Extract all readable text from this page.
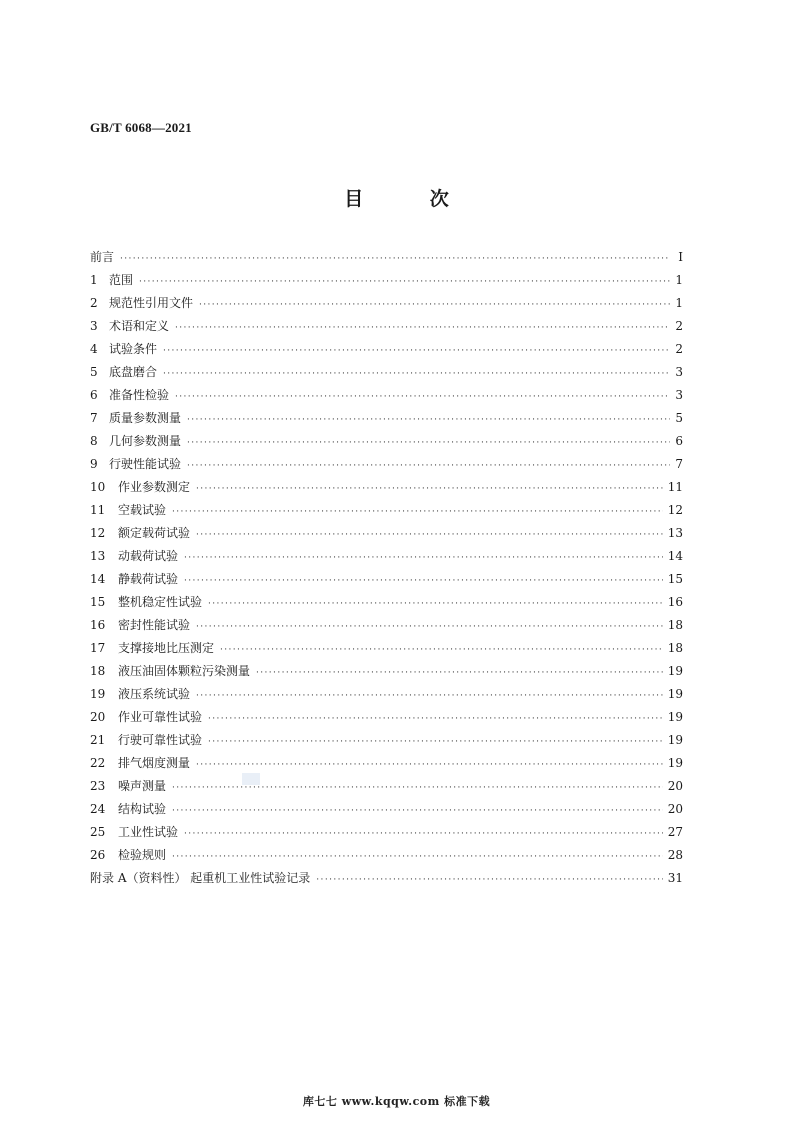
GB/T 6068—2021
目 次
前言 ·····	I
1 范围 ·····	1
2 规范性引用文件 ·····	1
3 术语和定义 ·····	2
4 试验条件 ·····	2
5 底盘磨合 ·····	3
6 准备性检验 ·····	3
7 质量参数测量 ·····	5
8 几何参数测量 ·····	6
9 行驶性能试验 ·····	7
10	作业参数测定 ·····	11
11	空载试验 ·····	12
12	额定载荷试验 ·····	13
13	动载荷试验 ·····	14
14	静载荷试验 ·····	15
15	整机稳定性试验 ·····	16
16	密封性能试验 ·····	18
17	支撑接地比压测定 ·····	18
18	液压油固体颗粒污染测量 ·····	19
19	液压系统试验 ·····	19
20	作业可靠性试验 ·····	19
21	行驶可靠性试验 ·····	19
22	排气烟度测量 ·····	19
23	噪声测量 ·····	20
24	结构试验 ·····	20
25	工业性试验 ·····	27
26	检验规则 ·····	28
附录 A（资料性） 起重机工业性试验记录 ·····	31
库七七 www.kqqw.com 标准下载
